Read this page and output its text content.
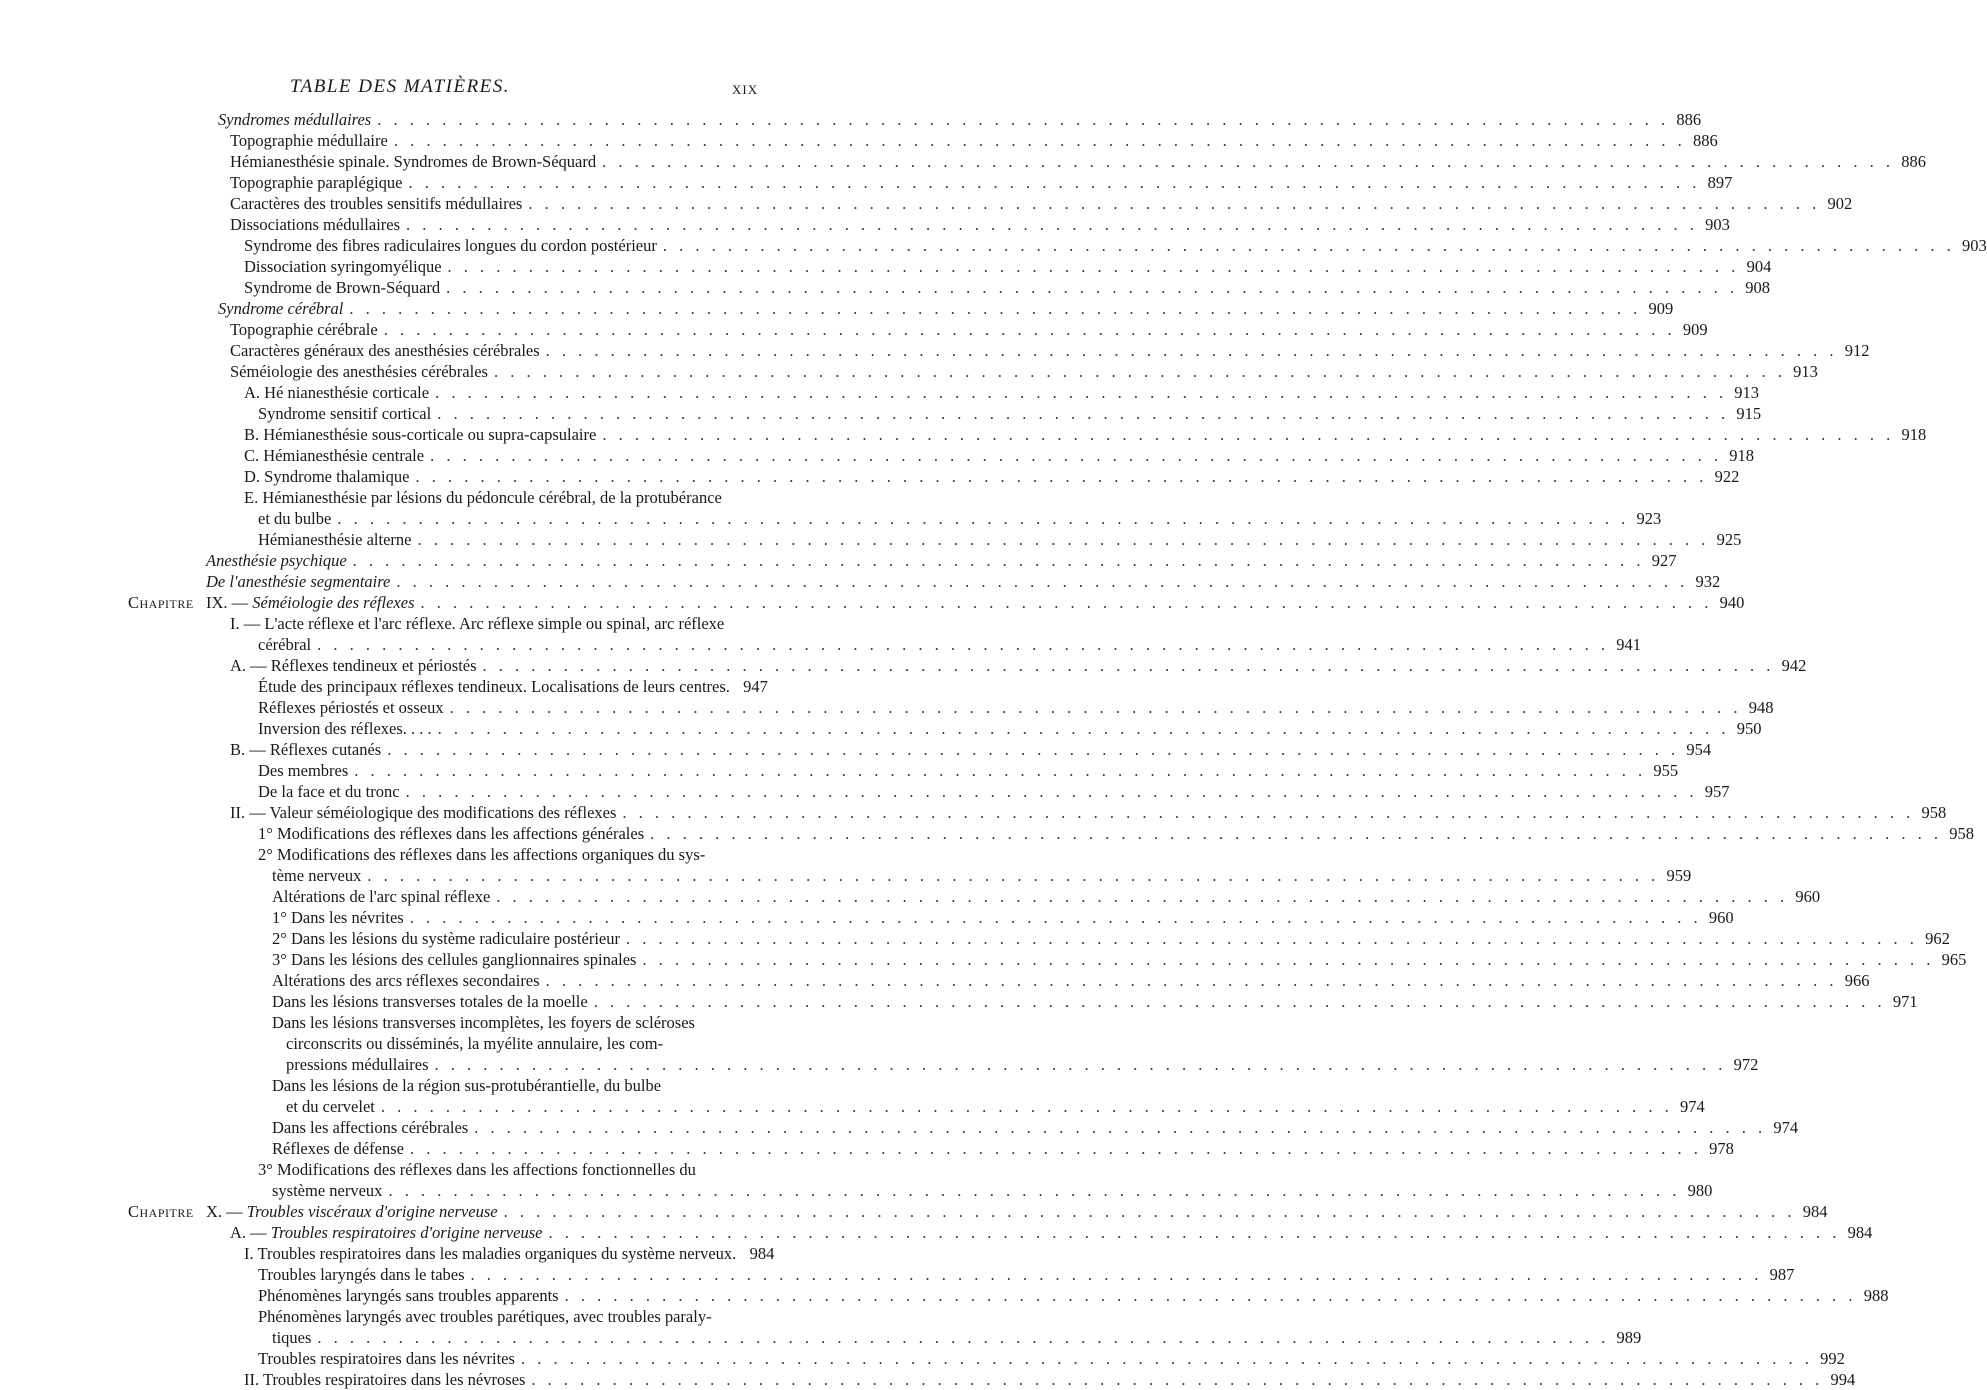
TABLE DES MATIÈRES.	XIX
Syndromes médullaires . . . . . . . . . . . . . . . . . . . . . . . . . . . . . . . . . . . . . . . . . . . . . . . . . . . . . . . . . . . . . . . . . . . . . . . . . . . . . . . . 886
Topographie médullaire . . . . . . . . . . . . . . . . . . . . . . . . . . . . . . . . . . . . . . . . . . . . . . . . . . . . . . . . . . . . . . . . . . . . . . . . . . . . . . . . 886
Hémianesthésie spinale. Syndromes de Brown-Séquard . . . . . . . . . . . . . . . . . . . . . . . . . . . . . . . . . . . . . . . . . . . . . . . . . . . . . . . . . . . . . . . . . . . . . . . . . . . . . . . . 886
Topographie paraplégique . . . . . . . . . . . . . . . . . . . . . . . . . . . . . . . . . . . . . . . . . . . . . . . . . . . . . . . . . . . . . . . . . . . . . . . . . . . . . . . . 897
Caractères des troubles sensitifs médullaires . . . . . . . . . . . . . . . . . . . . . . . . . . . . . . . . . . . . . . . . . . . . . . . . . . . . . . . . . . . . . . . . . . . . . . . . . . . . . . . . 902
Dissociations médullaires . . . . . . . . . . . . . . . . . . . . . . . . . . . . . . . . . . . . . . . . . . . . . . . . . . . . . . . . . . . . . . . . . . . . . . . . . . . . . . . . 903
Syndrome des fibres radiculaires longues du cordon postérieur . . . . . . . . . . . . . . . . . . . . . . . . . . . . . . . . . . . . . . . . . . . . . . . . . . . . . . . . . . . . . . . . . . . . . . . . . . . . . . . . 903
Dissociation syringomyélique . . . . . . . . . . . . . . . . . . . . . . . . . . . . . . . . . . . . . . . . . . . . . . . . . . . . . . . . . . . . . . . . . . . . . . . . . . . . . . . . 904
Syndrome de Brown-Séquard . . . . . . . . . . . . . . . . . . . . . . . . . . . . . . . . . . . . . . . . . . . . . . . . . . . . . . . . . . . . . . . . . . . . . . . . . . . . . . . . 908
Syndrome cérébral . . . . . . . . . . . . . . . . . . . . . . . . . . . . . . . . . . . . . . . . . . . . . . . . . . . . . . . . . . . . . . . . . . . . . . . . . . . . . . . . 909
Topographie cérébrale . . . . . . . . . . . . . . . . . . . . . . . . . . . . . . . . . . . . . . . . . . . . . . . . . . . . . . . . . . . . . . . . . . . . . . . . . . . . . . . . 909
Caractères généraux des anesthésies cérébrales . . . . . . . . . . . . . . . . . . . . . . . . . . . . . . . . . . . . . . . . . . . . . . . . . . . . . . . . . . . . . . . . . . . . . . . . . . . . . . . . 912
Séméiologie des anesthésies cérébrales . . . . . . . . . . . . . . . . . . . . . . . . . . . . . . . . . . . . . . . . . . . . . . . . . . . . . . . . . . . . . . . . . . . . . . . . . . . . . . . . 913
A. Hé nianesthésie corticale . . . . . . . . . . . . . . . . . . . . . . . . . . . . . . . . . . . . . . . . . . . . . . . . . . . . . . . . . . . . . . . . . . . . . . . . . . . . . . . . 913
Syndrome sensitif cortical . . . . . . . . . . . . . . . . . . . . . . . . . . . . . . . . . . . . . . . . . . . . . . . . . . . . . . . . . . . . . . . . . . . . . . . . . . . . . . . . 915
B. Hémianesthésie sous-corticale ou supra-capsulaire . . . . . . . . . . . . . . . . . . . . . . . . . . . . . . . . . . . . . . . . . . . . . . . . . . . . . . . . . . . . . . . . . . . . . . . . . . . . . . . . 918
C. Hémianesthésie centrale . . . . . . . . . . . . . . . . . . . . . . . . . . . . . . . . . . . . . . . . . . . . . . . . . . . . . . . . . . . . . . . . . . . . . . . . . . . . . . . . 918
D. Syndrome thalamique . . . . . . . . . . . . . . . . . . . . . . . . . . . . . . . . . . . . . . . . . . . . . . . . . . . . . . . . . . . . . . . . . . . . . . . . . . . . . . . . 922
E. Hémianesthésie par lésions du pédoncule cérébral, de la protubérance
et du bulbe . . . . . . . . . . . . . . . . . . . . . . . . . . . . . . . . . . . . . . . . . . . . . . . . . . . . . . . . . . . . . . . . . . . . . . . . . . . . . . . . 923
Hémianesthésie alterne . . . . . . . . . . . . . . . . . . . . . . . . . . . . . . . . . . . . . . . . . . . . . . . . . . . . . . . . . . . . . . . . . . . . . . . . . . . . . . . . 925
Anesthésie psychique . . . . . . . . . . . . . . . . . . . . . . . . . . . . . . . . . . . . . . . . . . . . . . . . . . . . . . . . . . . . . . . . . . . . . . . . . . . . . . . . 927
De l'anesthésie segmentaire . . . . . . . . . . . . . . . . . . . . . . . . . . . . . . . . . . . . . . . . . . . . . . . . . . . . . . . . . . . . . . . . . . . . . . . . . . . . . . . . 932
Chapitre IX. — Séméiologie des réflexes . . . . . . . . . . . . . . . . . . . . . . . . . . . . . . . . . . . . . . . . . . . . . . . . . . . . . . . . . . . . . . . . . . . . . . . . . . . . . . . . 940
I. — L'acte réflexe et l'arc réflexe. Arc réflexe simple ou spinal, arc réflexe
cérébral . . . . . . . . . . . . . . . . . . . . . . . . . . . . . . . . . . . . . . . . . . . . . . . . . . . . . . . . . . . . . . . . . . . . . . . . . . . . . . . . 941
A. — Réflexes tendineux et périostés . . . . . . . . . . . . . . . . . . . . . . . . . . . . . . . . . . . . . . . . . . . . . . . . . . . . . . . . . . . . . . . . . . . . . . . . . . . . . . . . 942
Étude des principaux réflexes tendineux. Localisations de leurs centres. 947
Réflexes périostés et osseux . . . . . . . . . . . . . . . . . . . . . . . . . . . . . . . . . . . . . . . . . . . . . . . . . . . . . . . . . . . . . . . . . . . . . . . . . . . . . . . . 948
Inversion des réflexes. . . . . . . . . . . . . . . . . . . . . . . . . . . . . . . . . . . . . . . . . . . . . . . . . . . . . . . . . . . . . . . . . . . . . . . . . . . . . . . . . . . . 950
B. — Réflexes cutanés . . . . . . . . . . . . . . . . . . . . . . . . . . . . . . . . . . . . . . . . . . . . . . . . . . . . . . . . . . . . . . . . . . . . . . . . . . . . . . . . 954
Des membres . . . . . . . . . . . . . . . . . . . . . . . . . . . . . . . . . . . . . . . . . . . . . . . . . . . . . . . . . . . . . . . . . . . . . . . . . . . . . . . . 955
De la face et du tronc . . . . . . . . . . . . . . . . . . . . . . . . . . . . . . . . . . . . . . . . . . . . . . . . . . . . . . . . . . . . . . . . . . . . . . . . . . . . . . . . 957
II. — Valeur séméiologique des modifications des réflexes . . . . . . . . . . . . . . . . . . . . . . . . . . . . . . . . . . . . . . . . . . . . . . . . . . . . . . . . . . . . . . . . . . . . . . . . . . . . . . . . 958
1° Modifications des réflexes dans les affections générales . . . . . . . . . . . . . . . . . . . . . . . . . . . . . . . . . . . . . . . . . . . . . . . . . . . . . . . . . . . . . . . . . . . . . . . . . . . . . . . . 958
2° Modifications des réflexes dans les affections organiques du sys-
tème nerveux . . . . . . . . . . . . . . . . . . . . . . . . . . . . . . . . . . . . . . . . . . . . . . . . . . . . . . . . . . . . . . . . . . . . . . . . . . . . . . . . 959
Altérations de l'arc spinal réflexe . . . . . . . . . . . . . . . . . . . . . . . . . . . . . . . . . . . . . . . . . . . . . . . . . . . . . . . . . . . . . . . . . . . . . . . . . . . . . . . . 960
1° Dans les névrites . . . . . . . . . . . . . . . . . . . . . . . . . . . . . . . . . . . . . . . . . . . . . . . . . . . . . . . . . . . . . . . . . . . . . . . . . . . . . . . . 960
2° Dans les lésions du système radiculaire postérieur . . . . . . . . . . . . . . . . . . . . . . . . . . . . . . . . . . . . . . . . . . . . . . . . . . . . . . . . . . . . . . . . . . . . . . . . . . . . . . . . 962
3° Dans les lésions des cellules ganglionnaires spinales . . . . . . . . . . . . . . . . . . . . . . . . . . . . . . . . . . . . . . . . . . . . . . . . . . . . . . . . . . . . . . . . . . . . . . . . . . . . . . . . 965
Altérations des arcs réflexes secondaires . . . . . . . . . . . . . . . . . . . . . . . . . . . . . . . . . . . . . . . . . . . . . . . . . . . . . . . . . . . . . . . . . . . . . . . . . . . . . . . . 966
Dans les lésions transverses totales de la moelle . . . . . . . . . . . . . . . . . . . . . . . . . . . . . . . . . . . . . . . . . . . . . . . . . . . . . . . . . . . . . . . . . . . . . . . . . . . . . . . . 971
Dans les lésions transverses incomplètes, les foyers de scléroses
circonscrits ou disséminés, la myélite annulaire, les com-
pressions médullaires . . . . . . . . . . . . . . . . . . . . . . . . . . . . . . . . . . . . . . . . . . . . . . . . . . . . . . . . . . . . . . . . . . . . . . . . . . . . . . . . 972
Dans les lésions de la région sus-protubérantielle, du bulbe
et du cervelet . . . . . . . . . . . . . . . . . . . . . . . . . . . . . . . . . . . . . . . . . . . . . . . . . . . . . . . . . . . . . . . . . . . . . . . . . . . . . . . . 974
Dans les affections cérébrales . . . . . . . . . . . . . . . . . . . . . . . . . . . . . . . . . . . . . . . . . . . . . . . . . . . . . . . . . . . . . . . . . . . . . . . . . . . . . . . . 974
Réflexes de défense . . . . . . . . . . . . . . . . . . . . . . . . . . . . . . . . . . . . . . . . . . . . . . . . . . . . . . . . . . . . . . . . . . . . . . . . . . . . . . . . 978
3° Modifications des réflexes dans les affections fonctionnelles du
système nerveux . . . . . . . . . . . . . . . . . . . . . . . . . . . . . . . . . . . . . . . . . . . . . . . . . . . . . . . . . . . . . . . . . . . . . . . . . . . . . . . . 980
Chapitre X. — Troubles viscéraux d'origine nerveuse . . . . . . . . . . . . . . . . . . . . . . . . . . . . . . . . . . . . . . . . . . . . . . . . . . . . . . . . . . . . . . . . . . . . . . . . . . . . . . . . 984
A. — Troubles respiratoires d'origine nerveuse . . . . . . . . . . . . . . . . . . . . . . . . . . . . . . . . . . . . . . . . . . . . . . . . . . . . . . . . . . . . . . . . . . . . . . . . . . . . . . . . 984
I. Troubles respiratoires dans les maladies organiques du système nerveux. 984
Troubles laryngés dans le tabes . . . . . . . . . . . . . . . . . . . . . . . . . . . . . . . . . . . . . . . . . . . . . . . . . . . . . . . . . . . . . . . . . . . . . . . . . . . . . . . . 987
Phénomènes laryngés sans troubles apparents . . . . . . . . . . . . . . . . . . . . . . . . . . . . . . . . . . . . . . . . . . . . . . . . . . . . . . . . . . . . . . . . . . . . . . . . . . . . . . . . 988
Phénomènes laryngés avec troubles parétiques, avec troubles paraly-
tiques . . . . . . . . . . . . . . . . . . . . . . . . . . . . . . . . . . . . . . . . . . . . . . . . . . . . . . . . . . . . . . . . . . . . . . . . . . . . . . . . 989
Troubles respiratoires dans les névrites . . . . . . . . . . . . . . . . . . . . . . . . . . . . . . . . . . . . . . . . . . . . . . . . . . . . . . . . . . . . . . . . . . . . . . . . . . . . . . . . 992
II. Troubles respiratoires dans les névroses . . . . . . . . . . . . . . . . . . . . . . . . . . . . . . . . . . . . . . . . . . . . . . . . . . . . . . . . . . . . . . . . . . . . . . . . . . . . . . . . 994
